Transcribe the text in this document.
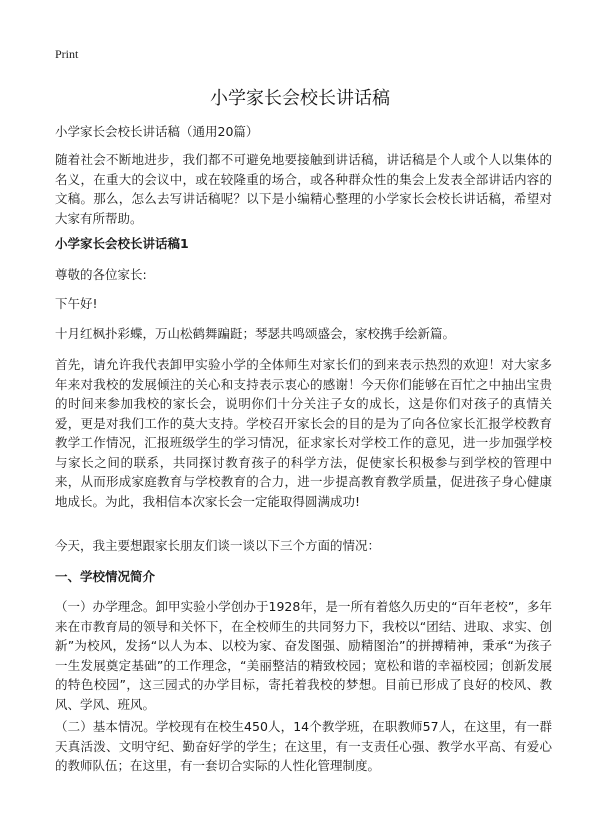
Print
小学家长会校长讲话稿

小学家长会校长讲话稿（通用20篇）

随着社会不断地进步，我们都不可避免地要接触到讲话稿，讲话稿是个人或个人以集体的名义，在重大的会议中，或在较隆重的场合，或各种群众性的集会上发表全部讲话内容的文稿。那么，怎么去写讲话稿呢？以下是小编精心整理的小学家长会校长讲话稿，希望对大家有所帮助。

小学家长会校长讲话稿1

尊敬的各位家长:

下午好!

十月红枫扑彩蝶，万山松鹤舞蹁跹；琴瑟共鸣颂盛会，家校携手绘新篇。

首先，请允许我代表卸甲实验小学的全体师生对家长们的到来表示热烈的欢迎！对大家多年来对我校的发展倾注的关心和支持表示衷心的感谢！今天你们能够在百忙之中抽出宝贵的时间来参加我校的家长会，说明你们十分关注子女的成长，这是你们对孩子的真情关爱，更是对我们工作的莫大支持。学校召开家长会的目的是为了向各位家长汇报学校教育教学工作情况，汇报班级学生的学习情况，征求家长对学校工作的意见，进一步加强学校与家长之间的联系，共同探讨教育孩子的科学方法，促使家长积极参与到学校的管理中来，从而形成家庭教育与学校教育的合力，进一步提高教育教学质量，促进孩子身心健康地成长。为此，我相信本次家长会一定能取得圆满成功!

今天，我主要想跟家长朋友们谈一谈以下三个方面的情况：

一、学校情况简介

（一）办学理念。卸甲实验小学创办于1928年，是一所有着悠久历史的“百年老校”，多年来在市教育局的领导和关怀下，在全校师生的共同努力下，我校以“团结、进取、求实、创新”为校风，发扬“以人为本、以校为家、奋发图强、励精图治”的拼搏精神，秉承“为孩子一生发展奠定基础”的工作理念，“美丽整洁的精致校园；宽松和谐的幸福校园；创新发展的特色校园”，这三园式的办学目标，寄托着我校的梦想。目前已形成了良好的校风、教风、学风、班风。

（二）基本情况。学校现有在校生450人，14个教学班，在职教师57人，在这里，有一群天真活泼、文明守纪、勤奋好学的学生；在这里，有一支责任心强、教学水平高、有爱心的教师队伍；在这里，有一套切合实际的人性化管理制度。
